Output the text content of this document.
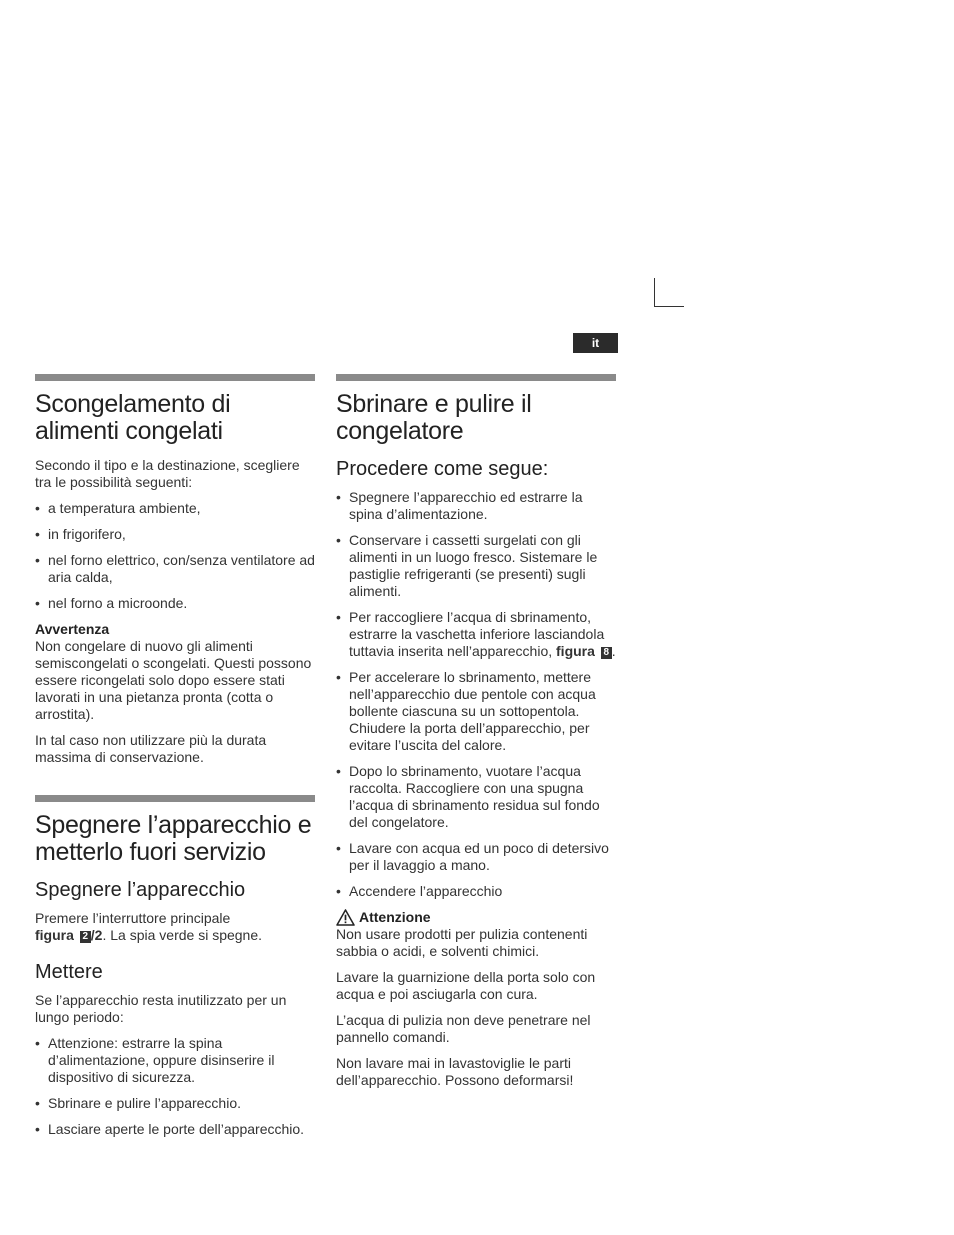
it
Scongelamento di alimenti congelati

Secondo il tipo e la destinazione, scegliere tra le possibilità seguenti:

• a temperatura ambiente,
• in frigorifero,
• nel forno elettrico, con/senza ventilatore ad aria calda,
• nel forno a microonde.
Avvertenza

Non congelare di nuovo gli alimenti semiscongelati o scongelati. Questi possono essere ricongelati solo dopo essere stati lavorati in una pietanza pronta (cotta o arrostita).

In tal caso non utilizzare più la durata massima di conservazione.

Spegnere l’apparecchio e metterlo fuori servizio
Spegnere l’apparecchio

Premere l’interruttore principale
figura 2 /2. La spia verde si spegne.

Mettere

Se l’apparecchio resta inutilizzato per un lungo periodo:

• Attenzione: estrarre la spina d’alimentazione, oppure disinserire il dispositivo di sicurezza.
• Sbrinare e pulire l’apparecchio.
• Lasciare aperte le porte dell’apparecchio.
Sbrinare e pulire il congelatore
Procedere come segue:
• Spegnere l’apparecchio ed estrarre la spina d’alimentazione.
• Conservare i cassetti surgelati con gli alimenti in un luogo fresco. Sistemare le pastiglie refrigeranti (se presenti) sugli alimenti.
• Per raccogliere l’acqua di sbrinamento, estrarre la vaschetta inferiore lasciandola tuttavia inserita nell’apparecchio, figura 8 .
• Per accelerare lo sbrinamento, mettere nell’apparecchio due pentole con acqua bollente ciascuna su un sottopentola. Chiudere la porta dell’apparecchio, per evitare l’uscita del calore.
• Dopo lo sbrinamento, vuotare l’acqua raccolta. Raccogliere con una spugna l’acqua di sbrinamento residua sul fondo del congelatore.
• Lavare con acqua ed un poco di detersivo per il lavaggio a mano.
• Accendere l’apparecchio
Attenzione

Non usare prodotti per pulizia contenenti sabbia o acidi, e solventi chimici.

Lavare la guarnizione della porta solo con acqua e poi asciugarla con cura.

L’acqua di pulizia non deve penetrare nel pannello comandi.

Non lavare mai in lavastoviglie le parti dell’apparecchio. Possono deformarsi!
